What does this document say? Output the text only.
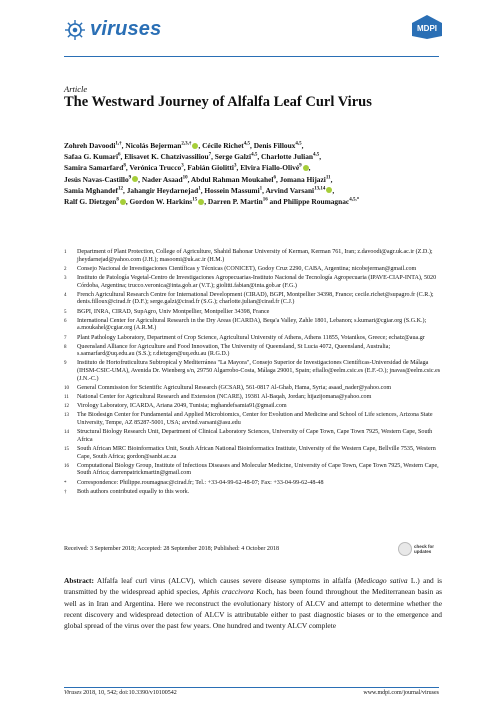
viruses	MDPI
Article
The Westward Journey of Alfalfa Leaf Curl Virus
Zohreh Davoodi$^{1,\dagger}$, Nicolás Bejerman$^{2,3,\dagger}$ , Cécile Richet$^{4,5}$, Denis Filloux$^{4,5}$,
Safaa G. Kumari$^6$, Elisavet K. Chatzivassiliou$^7$, Serge Galzi$^{4,5}$, Charlotte Julian$^{4,5}$,
Samira Samarfard$^8$, Verónica Trucco$^3$, Fabián Giolitti$^3$, Elvira Fiallo-Olivé$^9$ ,
Jesús Navas-Castillo$^9$ , Nader Asaad$^{10}$, Abdul Rahman Moukahel$^6$, Jomana Hijazi$^{11}$,
Samia Mghandef$^{12}$, Jahangir Heydarnejad$^1$, Hossein Massumi$^1$, Arvind Varsani$^{13,14}$ ,
Ralf G. Dietzgen$^8$ , Gordon W. Harkins$^{15}$ , Darren P. Martin$^{16}$ and Philippe Roumagnac$^{4,5,*}$
1	Department of Plant Protection, College of Agriculture, Shahid Bahonar University of Kerman, Kerman 761, Iran; z.davoodi@agr.uk.ac.ir (Z.D.); jheydarnejad@yahoo.com (J.H.); masoomi@uk.ac.ir (H.M.)
2	Consejo Nacional de Investigaciones Científicas y Técnicas (CONICET), Godoy Cruz 2290, CABA, Argentina; nicobejerman@gmail.com
3	Instituto de Patología Vegetal-Centro de Investigaciones Agropecuarias-Instituto Nacional de Tecnología Agropecuaria (IPAVE-CIAP-INTA), 5020 Córdoba, Argentina; trucco.veronica@inta.gob.ar (V.T.); giolitti.fabian@inta.gob.ar (F.G.)
4	French Agricultural Research Centre for International Development (CIRAD), BGPI, Montpellier 34398, France; cecile.richet@supagro.fr (C.R.); denis.filloux@cirad.fr (D.F.); serge.galzi@cirad.fr (S.G.); charlotte.julian@cirad.fr (C.J.)
5	BGPI, INRA, CIRAD, SupAgro, Univ Montpellier, Montpellier 34398, France
6	International Center for Agricultural Research in the Dry Areas (ICARDA), Beqa'a Valley, Zahle 1801, Lebanon; s.kumari@cgiar.org (S.G.K.); a.moukahel@cgiar.org (A.R.M.)
7	Plant Pathology Laboratory, Department of Crop Science, Agricultural University of Athens, Athens 11855, Votanikos, Greece; echatz@aua.gr
8	Queensland Alliance for Agriculture and Food Innovation, The University of Queensland, St Lucia 4072, Queensland, Australia; s.samarfard@uq.edu.au (S.S.); r.dietzgen@uq.edu.au (R.G.D.)
9	Instituto de Hortofruticultura Subtropical y Mediterránea "La Mayora", Consejo Superior de Investigaciones Científicas-Universidad de Málaga (IHSM-CSIC-UMA), Avenida Dr. Wienberg s/n, 29750 Algarrobo-Costa, Málaga 29001, Spain; efiallo@eelm.csic.es (E.F.-O.); jnavas@eelm.csic.es (J.N.-C.)
10	General Commission for Scientific Agricultural Research (GCSAR), 561-0817 Al-Ghab, Hama, Syria; asaad_nader@yahoo.com
11	National Center for Agricultural Research and Extension (NCARE), 19381 Al-Baqah, Jordan; hijazijomana@yahoo.com
12	Virology Laboratory, ICARDA, Ariana 2049, Tunisia; mghandefsamia91@gmail.com
13	The Biodesign Center for Fundamental and Applied Microbiomics, Center for Evolution and Medicine and School of Life sciences, Arizona State University, Tempe, AZ 85287-5001, USA; arvind.varsani@asu.edu
14	Structural Biology Research Unit, Department of Clinical Laboratory Sciences, University of Cape Town, Cape Town 7925, Western Cape, South Africa
15	South African MRC Bioinformatics Unit, South African National Bioinformatics Institute, University of the Western Cape, Bellville 7535, Western Cape, South Africa; gordon@sanbi.ac.za
16	Computational Biology Group, Institute of Infectious Diseases and Molecular Medicine, University of Cape Town, Cape Town 7925, Western Cape, South Africa; darrenpatrickmartin@gmail.com
*	Correspondence: Philippe.roumagnac@cirad.fr; Tel.: +33-04-99-62-48-07; Fax: +33-04-99-62-48-48
†	Both authors contributed equally to this work.
Received: 3 September 2018; Accepted: 28 September 2018; Published: 4 October 2018	check for
updates
Abstract: Alfalfa leaf curl virus (ALCV), which causes severe disease symptoms in alfalfa (Medicago sativa L.) and is transmitted by the widespread aphid species, Aphis craccivora Koch, has been found throughout the Mediterranean basin as well as in Iran and Argentina. Here we reconstruct the evolutionary history of ALCV and attempt to determine whether the recent discovery and widespread detection of ALCV is attributable either to past diagnostic biases or to the emergence and global spread of the virus over the past few years. One hundred and twenty ALCV complete
Viruses 2018, 10, 542; doi:10.3390/v10100542	www.mdpi.com/journal/viruses
